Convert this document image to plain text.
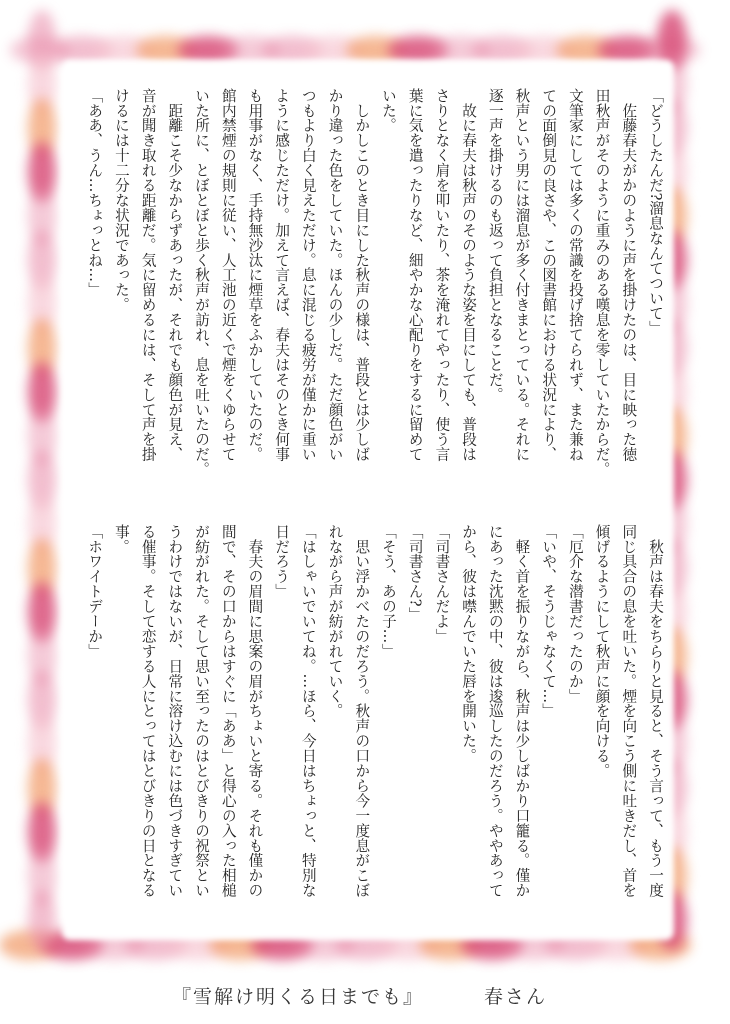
「どうしたんだ?溜息なんてついて」
　佐藤春夫がかのように声を掛けたのは、目に映った徳
田秋声がそのように重みのある嘆息を零していたからだ。
文筆家にしては多くの常識を投げ捨てられず、また兼ね
ての面倒見の良さや、この図書館における状況により、
秋声という男には溜息が多く付きまとっている。それに
逐一声を掛けるのも返って負担となることだ。
　故に春夫は秋声のそのような姿を目にしても、普段は
さりとなく肩を叩いたり、茶を淹れてやったり、使う言
葉に気を遣ったりなど、細やかな心配りをするに留めて
いた。
　しかしこのとき目にした秋声の様は、普段とは少しば
かり違った色をしていた。ほんの少しだ。ただ顔色がい
つもより白く見えただけ。息に混じる疲労が僅かに重い
ように感じただけ。加えて言えば、春夫はそのとき何事
も用事がなく、手持無沙汰に煙草をふかしていたのだ。
館内禁煙の規則に従い、人工池の近くで煙をくゆらせて
いた所に、とぼとぼと歩く秋声が訪れ、息を吐いたのだ。
　距離こそ少なからずあったが、それでも顔色が見え、
音が聞き取れる距離だ。気に留めるには、そして声を掛
けるには十二分な状況であった。
「ああ、うん…ちょっとね…」
　秋声は春夫をちらりと見ると、そう言って、もう一度
同じ具合の息を吐いた。煙を向こう側に吐きだし、首を
傾げるようにして秋声に顔を向ける。
「厄介な潜書だったのか」
「いや、そうじゃなくて…」
　軽く首を振りながら、秋声は少しばかり口籠る。僅か
にあった沈黙の中、彼は逡巡したのだろう。ややあって
から、彼は噤んでいた唇を開いた。
「司書さんだよ」
「司書さん?」
「そう、あの子…」
　思い浮かべたのだろう。秋声の口から今一度息がこぼ
れながら声が紡がれていく。
「はしゃいでいてね。…ほら、今日はちょっと、特別な
日だろう」
　春夫の眉間に思案の眉がちょいと寄る。それも僅かの
間で、その口からはすぐに「ああ」と得心の入った相槌
が紡がれた。そして思い至ったのはとびきりの祝祭とい
うわけではないが、日常に溶け込むには色づきすぎてい
る催事。そして恋する人にとってはとびきりの日となる
事。
「ホワイトデーか」
『雪解け明くる日までも』	春さん
